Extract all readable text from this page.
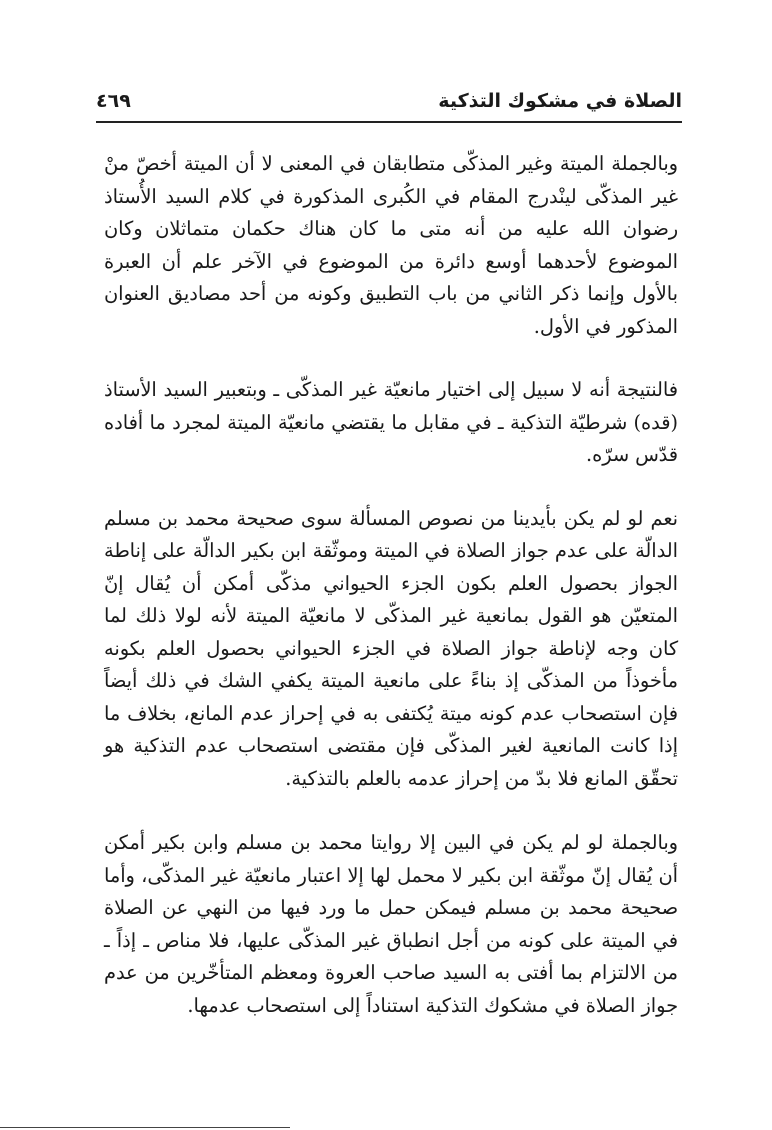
الصلاة في مشكوك التذكية
٤٦٩

وبالجملة الميتة وغير المذكّى متطابقان في المعنى لا أن الميتة أخصّ منْ غير المذكّى لينْدرج المقام في الكُبرى المذكورة في كلام السيد الأُستاذ رضوان الله عليه من أنه متى ما كان هناك حكمان متماثلان وكان الموضوع لأحدهما أوسع دائرة من الموضوع في الآخر علم أن العبرة بالأول وإنما ذكر الثاني من باب التطبيق وكونه من أحد مصاديق العنوان المذكور في الأول.

فالنتيجة أنه لا سبيل إلى اختيار مانعيّة غير المذكّى ـ وبتعبير السيد الأستاذ (قده) شرطيّة التذكية ـ في مقابل ما يقتضي مانعيّة الميتة لمجرد ما أفاده قدّس سرّه.

نعم لو لم يكن بأيدينا من نصوص المسألة سوى صحيحة محمد بن مسلم الدالّة على عدم جواز الصلاة في الميتة وموثّقة ابن بكير الدالّة على إناطة الجواز بحصول العلم بكون الجزء الحيواني مذكّى أمكن أن يُقال إنّ المتعيّن هو القول بمانعية غير المذكّى لا مانعيّة الميتة لأنه لولا ذلك لما كان وجه لإناطة جواز الصلاة في الجزء الحيواني بحصول العلم بكونه مأخوذاً من المذكّى إذ بناءً على مانعية الميتة يكفي الشك في ذلك أيضاً فإن استصحاب عدم كونه ميتة يُكتفى به في إحراز عدم المانع، بخلاف ما إذا كانت المانعية لغير المذكّى فإن مقتضى استصحاب عدم التذكية هو تحقّق المانع فلا بدّ من إحراز عدمه بالعلم بالتذكية.

وبالجملة لو لم يكن في البين إلا روايتا محمد بن مسلم وابن بكير أمكن أن يُقال إنّ موثّقة ابن بكير لا محمل لها إلا اعتبار مانعيّة غير المذكّى، وأما صحيحة محمد بن مسلم فيمكن حمل ما ورد فيها من النهي عن الصلاة في الميتة على كونه من أجل انطباق غير المذكّى عليها، فلا مناص ـ إذاً ـ من الالتزام بما أفتى به السيد صاحب العروة ومعظم المتأخّرين من عدم جواز الصلاة في مشكوك التذكية استناداً إلى استصحاب عدمها.
